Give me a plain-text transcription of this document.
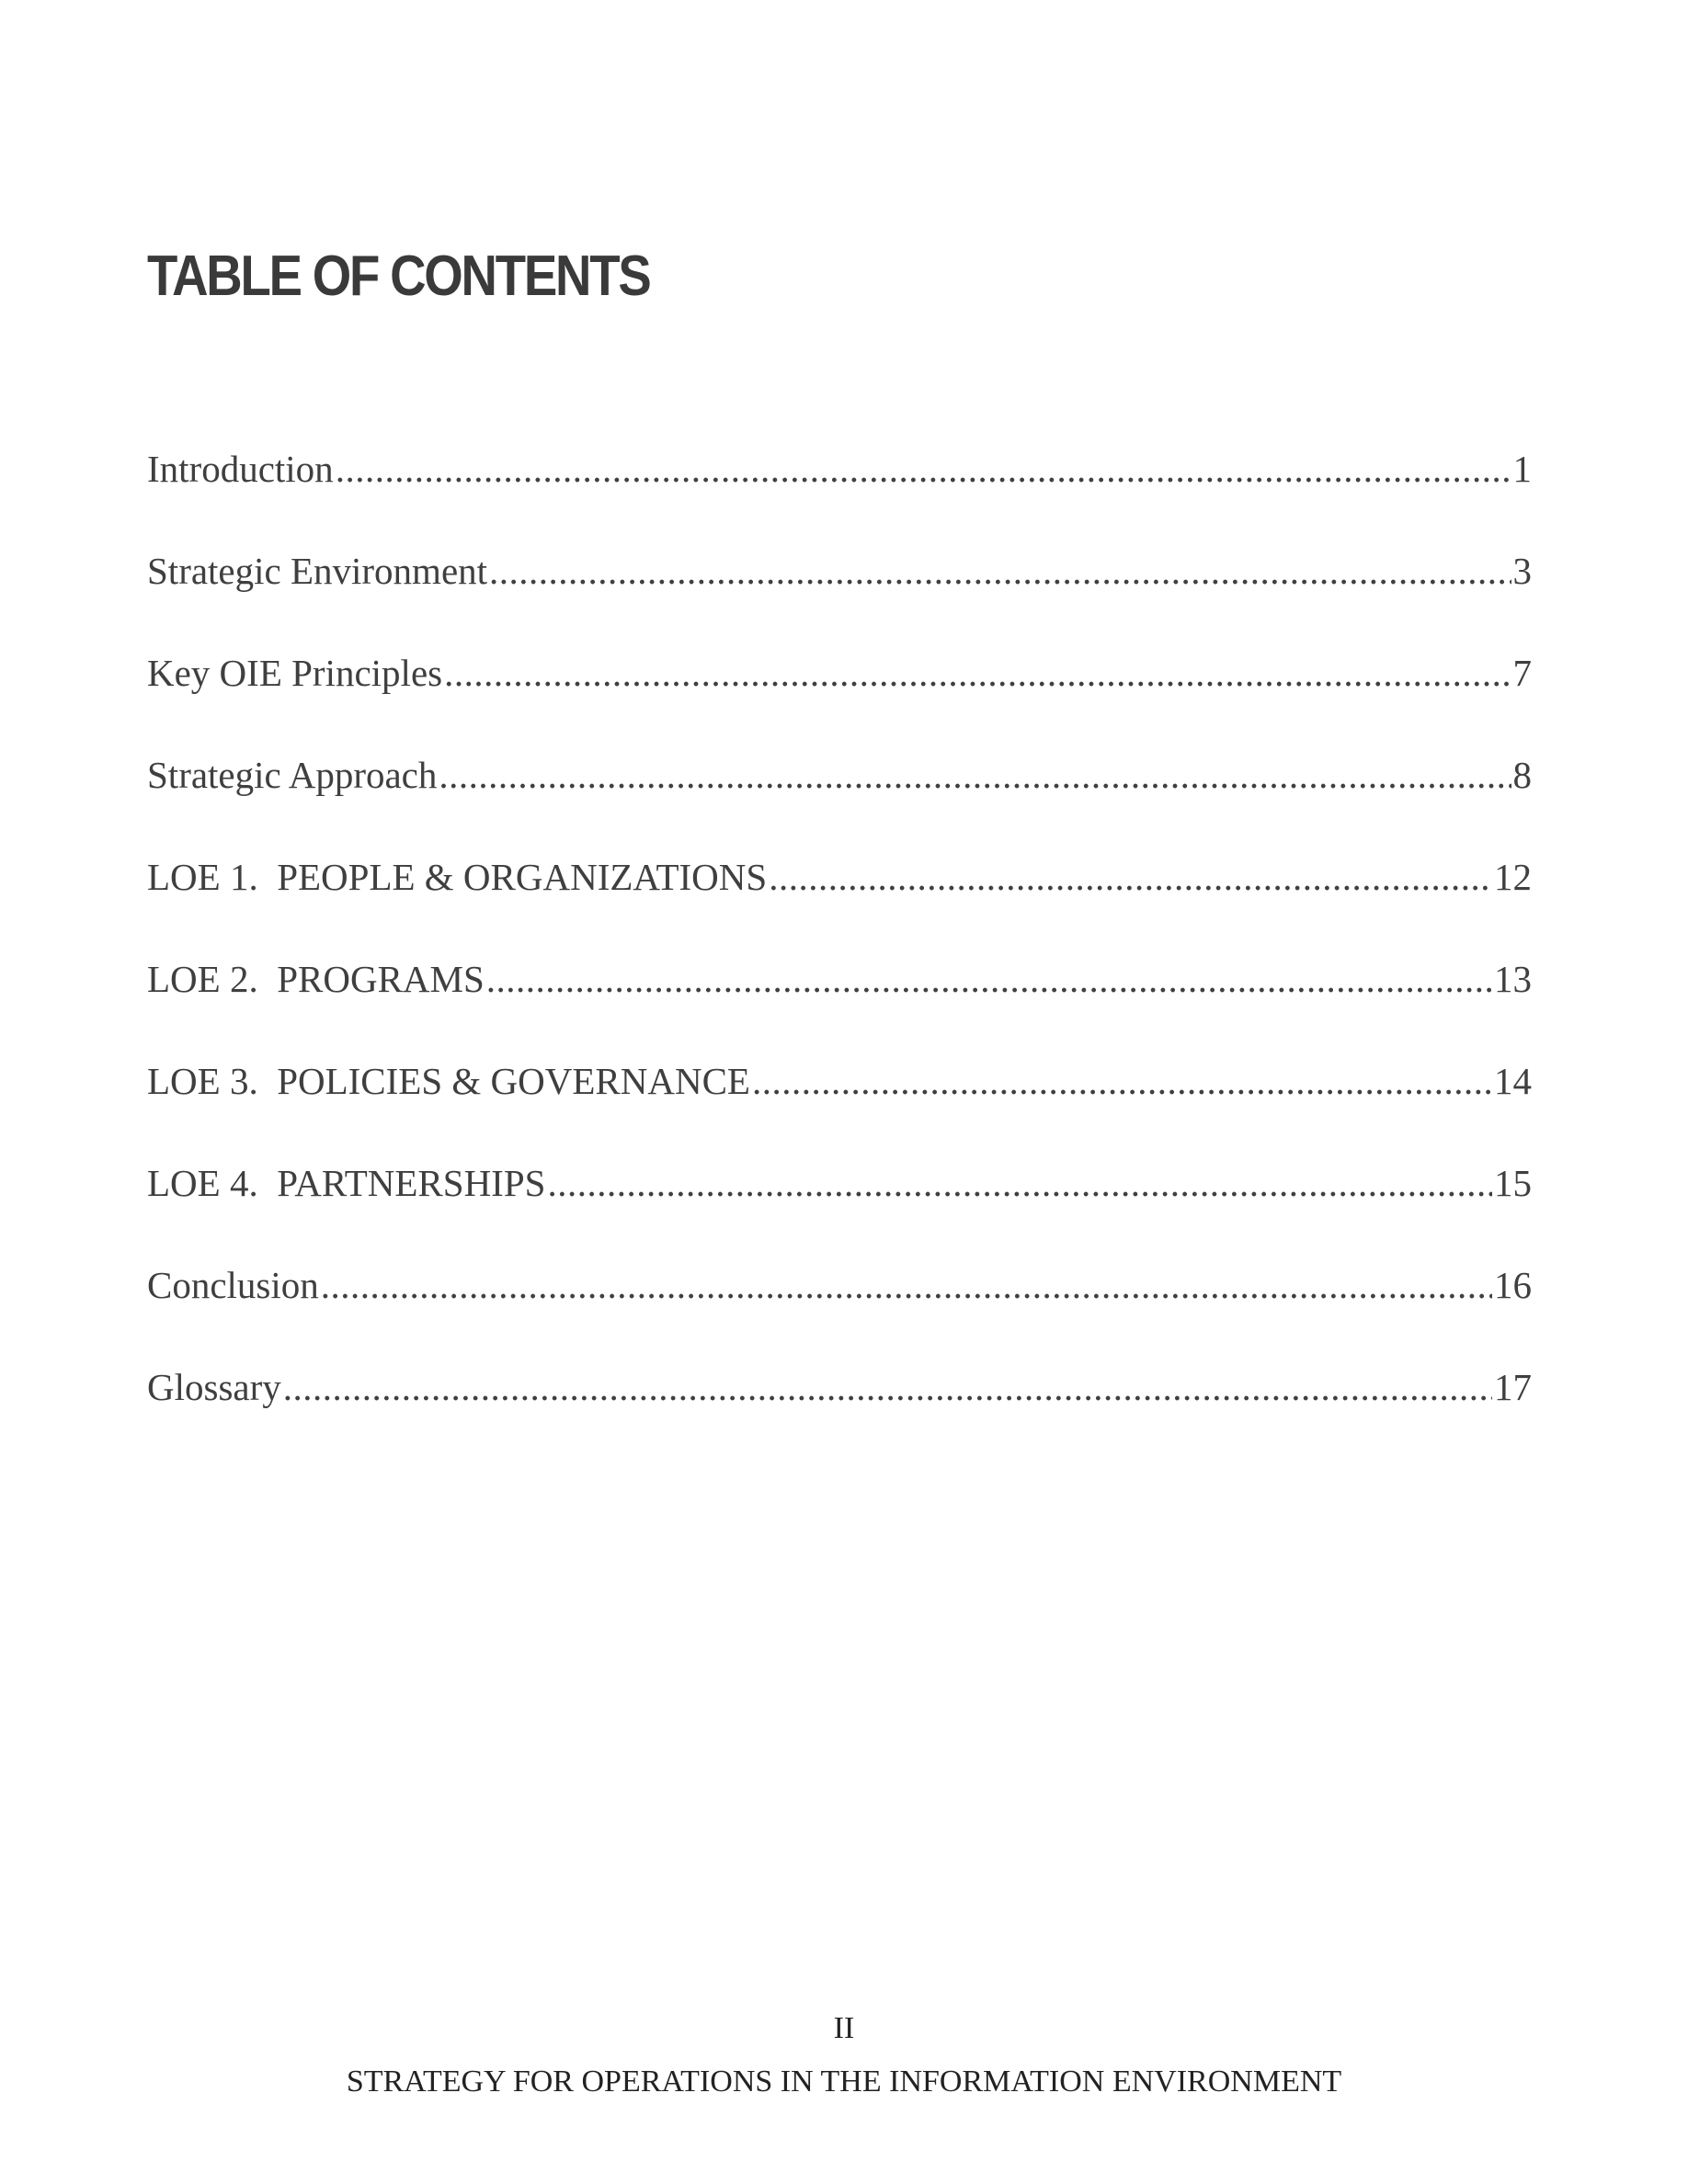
TABLE OF CONTENTS
Introduction .....	1
Strategic Environment .....	3
Key OIE Principles .....	7
Strategic Approach .....	8
LOE 1.  PEOPLE & ORGANIZATIONS .....	12
LOE 2.  PROGRAMS .....	13
LOE 3.  POLICIES & GOVERNANCE .....	14
LOE 4.  PARTNERSHIPS .....	15
Conclusion .....	16
Glossary .....	17
II
STRATEGY FOR OPERATIONS IN THE INFORMATION ENVIRONMENT
